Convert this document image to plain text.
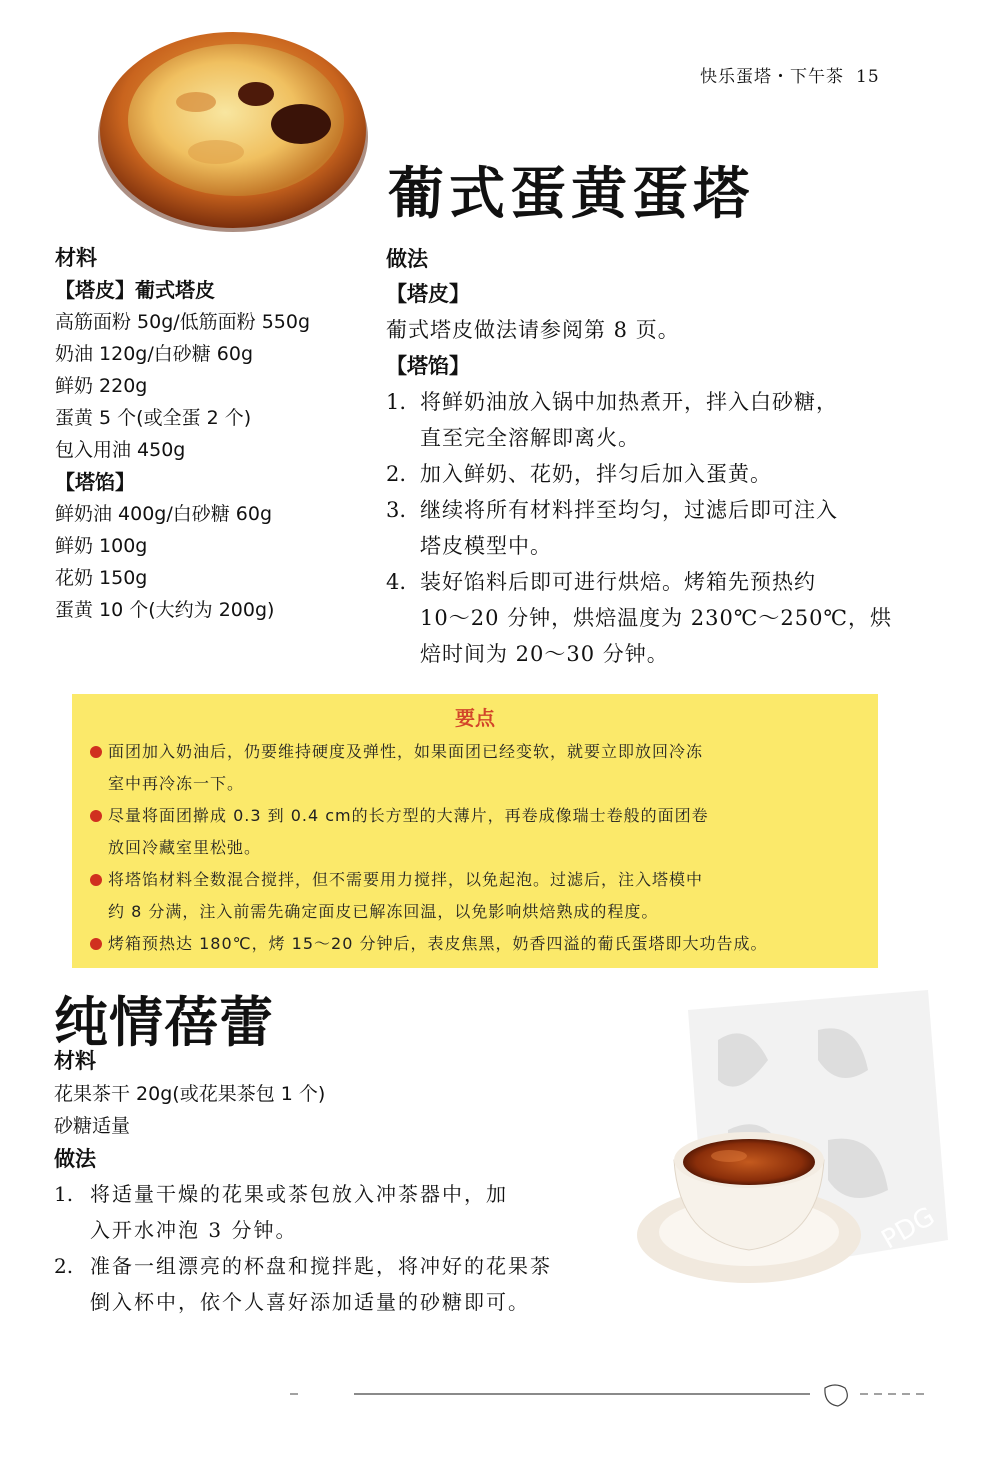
快乐蛋塔・下午茶 15
葡式蛋黄蛋塔
材料
【塔皮】葡式塔皮
高筋面粉 50g/低筋面粉 550g
奶油 120g/白砂糖 60g
鲜奶 220g
蛋黄 5 个(或全蛋 2 个)
包入用油 450g
【塔馅】
鲜奶油 400g/白砂糖 60g
鲜奶 100g
花奶 150g
蛋黄 10 个(大约为 200g)
做法
【塔皮】
葡式塔皮做法请参阅第 8 页。
【塔馅】
1. 将鲜奶油放入锅中加热煮开，拌入白砂糖，
直至完全溶解即离火。
2. 加入鲜奶、花奶，拌匀后加入蛋黄。
3. 继续将所有材料拌至均匀，过滤后即可注入
塔皮模型中。
4. 装好馅料后即可进行烘焙。烤箱先预热约
10～20 分钟，烘焙温度为 230℃～250℃，烘
焙时间为 20～30 分钟。
要点
面团加入奶油后，仍要维持硬度及弹性，如果面团已经变软，就要立即放回冷冻
室中再冷冻一下。
尽量将面团擀成 0.3 到 0.4 cm的长方型的大薄片，再卷成像瑞士卷般的面团卷
放回冷藏室里松弛。
将塔馅材料全数混合搅拌，但不需要用力搅拌，以免起泡。过滤后，注入塔模中
约 8 分满，注入前需先确定面皮已解冻回温，以免影响烘焙熟成的程度。
烤箱预热达 180℃，烤 15～20 分钟后，表皮焦黑，奶香四溢的葡氏蛋塔即大功告成。
纯情蓓蕾
材料
花果茶干 20g(或花果茶包 1 个)
砂糖适量
做法
1. 将适量干燥的花果或茶包放入冲茶器中，加
入开水冲泡 3 分钟。
2. 准备一组漂亮的杯盘和搅拌匙，将冲好的花果茶
倒入杯中，依个人喜好添加适量的砂糖即可。
PDG
